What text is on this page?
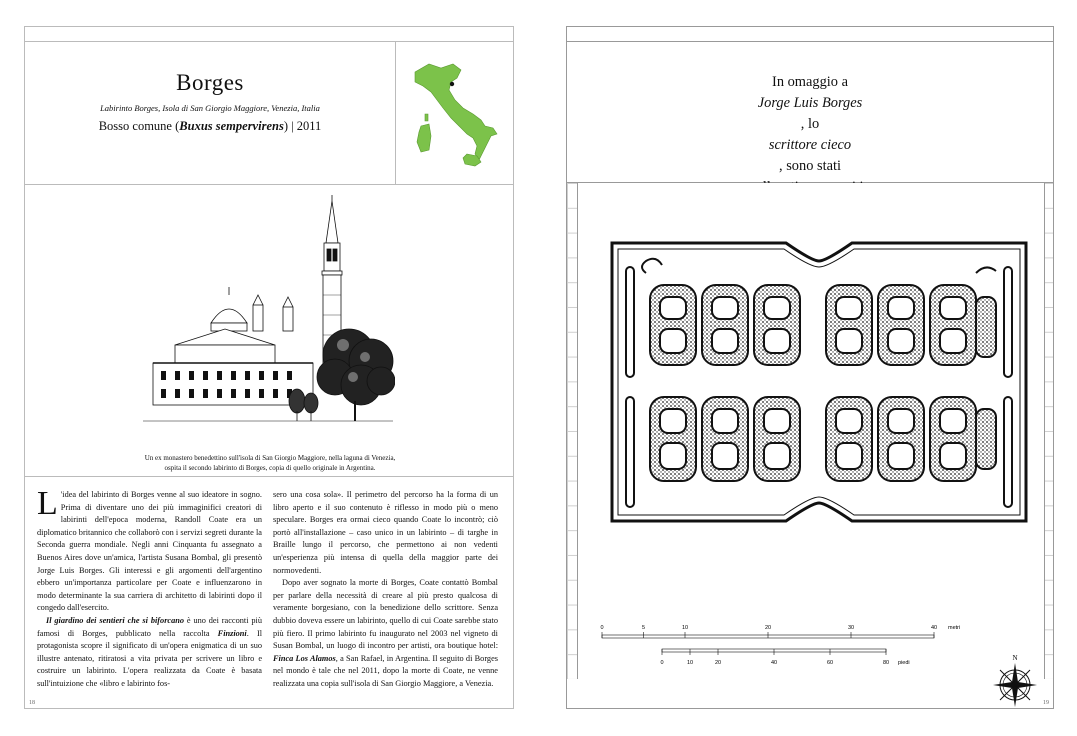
Borges
Labirinto Borges, Isola di San Giorgio Maggiore, Venezia, Italia
Bosso comune (Buxus sempervirens) | 2011
Un ex monastero benedettino sull'isola di San Giorgio Maggiore, nella laguna di Venezia,
ospita il secondo labirinto di Borges, copia di quello originale in Argentina.

L 'idea del labirinto di Borges venne al suo ideatore in sogno. Prima di diventare uno dei più immaginifici creatori di labirinti dell'epoca moderna, Randoll Coate era un diplomatico britannico che collaborò con i servizi segreti durante la Seconda guerra mondiale. Negli anni Cinquanta fu assegnato a Buenos Aires dove un'amica, l'artista Susana Bombal, gli presentò Jorge Luis Borges. Gli interessi e gli argomenti dell'argentino ebbero un'importanza particolare per Coate e influenzarono in modo determinante la sua carriera di architetto di labirinti dopo il congedo dall'esercito.

Il giardino dei sentieri che si biforcano è uno dei racconti più famosi di Borges, pubblicato nella raccolta Finzioni. Il protagonista scopre il significato di un'opera enigmatica di un suo illustre antenato, ritiratosi a vita privata per scrivere un libro e costruire un labirinto. L'opera realizzata da Coate è basata sull'intuizione che «libro e labirinto fos-

sero una cosa sola». Il perimetro del percorso ha la forma di un libro aperto e il suo contenuto è riflesso in modo più o meno speculare. Borges era ormai cieco quando Coate lo incontrò; ciò portò all'installazione – caso unico in un labirinto – di targhe in Braille lungo il percorso, che permettono ai non vedenti un'esperienza più intensa di quella della maggior parte dei normovedenti.

Dopo aver sognato la morte di Borges, Coate contattò Bombal per parlare della necessità di creare al più presto qualcosa di veramente borgesiano, con la benedizione dello scrittore. Senza dubbio doveva essere un labirinto, quello di cui Coate sarebbe stato più fiero. Il primo labirinto fu inaugurato nel 2003 nel vigneto di Susan Bombal, un luogo di incontro per artisti, ora boutique hotel: Finca Los Alamos, a San Rafael, in Argentina. Il seguito di Borges nel mondo è tale che nel 2011, dopo la morte di Coate, ne venne realizzata una copia sull'isola di San Giorgio Maggiore, a Venezia.

18
In omaggio a
Jorge Luis Borges
, lo
scrittore cieco
, sono stati
0	5	10	20	30	40 metri
0	10	20	40	60	80 piedi
N
19
